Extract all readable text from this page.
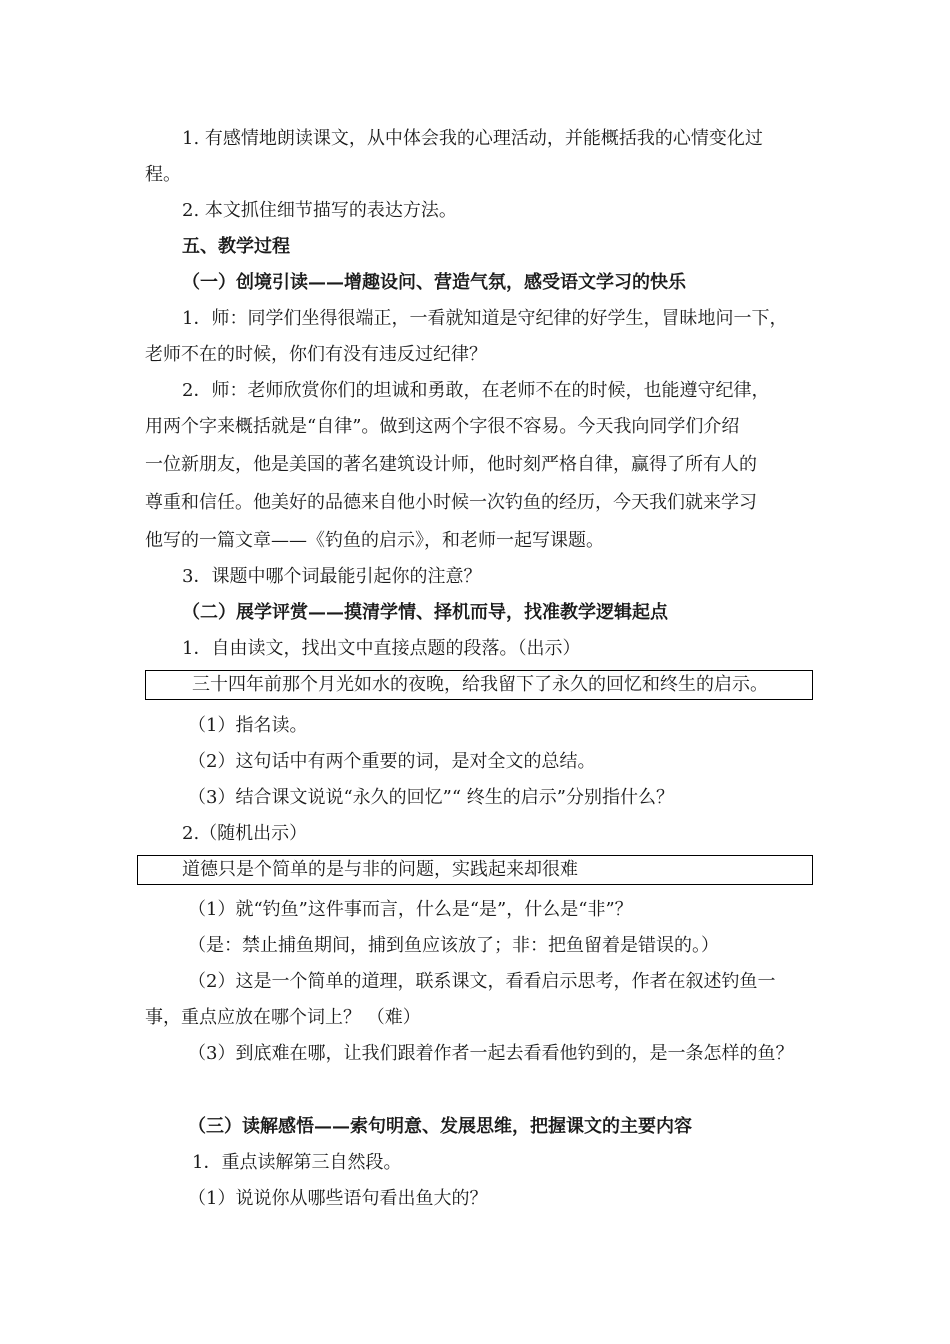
1. 有感情地朗读课文，从中体会我的心理活动，并能概括我的心情变化过
程。
2. 本文抓住细节描写的表达方法。
五、教学过程
（一）创境引读——增趣设问、营造气氛，感受语文学习的快乐
1．师：同学们坐得很端正，一看就知道是守纪律的好学生，冒昧地问一下，
老师不在的时候，你们有没有违反过纪律？
2．师：老师欣赏你们的坦诚和勇敢，在老师不在的时候，也能遵守纪律，
用两个字来概括就是“自律”。做到这两个字很不容易。今天我向同学们介绍
一位新朋友，他是美国的著名建筑设计师，他时刻严格自律，赢得了所有人的
尊重和信任。他美好的品德来自他小时候一次钓鱼的经历，今天我们就来学习
他写的一篇文章——《钓鱼的启示》，和老师一起写课题。
3．课题中哪个词最能引起你的注意？
（二）展学评赏——摸清学情、择机而导，找准教学逻辑起点
1．自由读文，找出文中直接点题的段落。（出示）
三十四年前那个月光如水的夜晚，给我留下了永久的回忆和终生的启示。
（1）指名读。
（2）这句话中有两个重要的词，是对全文的总结。
（3）结合课文说说“永久的回忆”“ 终生的启示”分别指什么？
2.（随机出示）
道德只是个简单的是与非的问题，实践起来却很难
（1）就“钓鱼”这件事而言，什么是“是”，什么是“非”？
（是：禁止捕鱼期间，捕到鱼应该放了；非：把鱼留着是错误的。）
（2）这是一个简单的道理，联系课文，看看启示思考，作者在叙述钓鱼一
事，重点应放在哪个词上？ （难）
（3）到底难在哪，让我们跟着作者一起去看看他钓到的，是一条怎样的鱼？
（三）读解感悟——索句明意、发展思维，把握课文的主要内容
1．重点读解第三自然段。
（1）说说你从哪些语句看出鱼大的？
